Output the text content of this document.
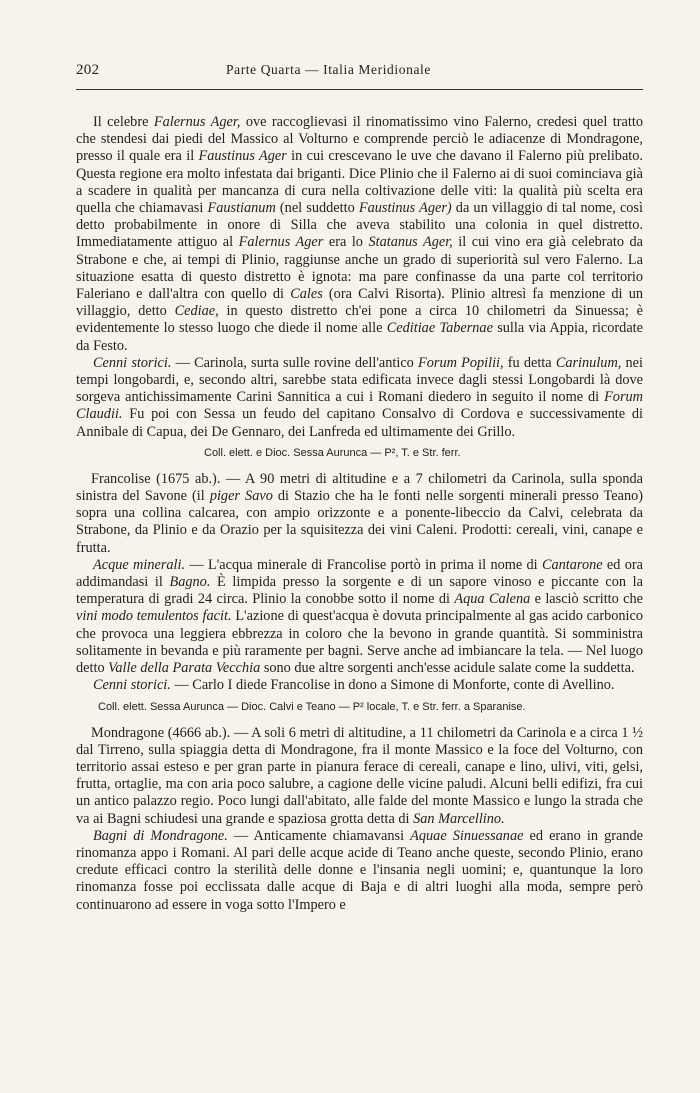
202	Parte Quarta — Italia Meridionale

Il celebre Falernus Ager, ove raccoglievasi il rinomatissimo vino Falerno, credesi quel tratto che stendesi dai piedi del Massico al Volturno e comprende perciò le adiacenze di Mondragone, presso il quale era il Faustinus Ager in cui crescevano le uve che davano il Falerno più prelibato. Questa regione era molto infestata dai briganti. Dice Plinio che il Falerno ai di suoi cominciava già a scadere in qualità per mancanza di cura nella coltivazione delle viti: la qualità più scelta era quella che chiamavasi Faustianum (nel suddetto Faustinus Ager) da un villaggio di tal nome, così detto probabilmente in onore di Silla che aveva stabilito una colonia in quel distretto. Immediatamente attiguo al Falernus Ager era lo Statanus Ager, il cui vino era già celebrato da Strabone e che, ai tempi di Plinio, raggiunse anche un grado di superiorità sul vero Falerno. La situazione esatta di questo distretto è ignota: ma pare confinasse da una parte col territorio Faleriano e dall'altra con quello di Cales (ora Calvi Risorta). Plinio altresì fa menzione di un villaggio, detto Cediae, in questo distretto ch'ei pone a circa 10 chilometri da Sinuessa; è evidentemente lo stesso luogo che diede il nome alle Ceditiae Tabernae sulla via Appia, ricordate da Festo.

Cenni storici. — Carinola, surta sulle rovine dell'antico Forum Popilii, fu detta Carinulum, nei tempi longobardi, e, secondo altri, sarebbe stata edificata invece dagli stessi Longobardi là dove sorgeva antichissimamente Carini Sannitica a cui i Romani diedero in seguito il nome di Forum Claudii. Fu poi con Sessa un feudo del capitano Consalvo di Cordova e successivamente di Annibale di Capua, dei De Gennaro, dei Lanfreda ed ultimamente dei Grillo.

Coll. elett. e Dioc. Sessa Aurunca — P², T. e Str. ferr.

Francolise (1675 ab.). — A 90 metri di altitudine e a 7 chilometri da Carinola, sulla sponda sinistra del Savone (il piger Savo di Stazio che ha le fonti nelle sorgenti minerali presso Teano) sopra una collina calcarea, con ampio orizzonte e a ponente-libeccio da Calvi, celebrata da Strabone, da Plinio e da Orazio per la squisitezza dei vini Caleni. Prodotti: cereali, vini, canape e frutta.

Acque minerali. — L'acqua minerale di Francolise portò in prima il nome di Cantarone ed ora addimandasi il Bagno. È limpida presso la sorgente e di un sapore vinoso e piccante con la temperatura di gradi 24 circa. Plinio la conobbe sotto il nome di Aqua Calena e lasciò scritto che vini modo temulentos facit. L'azione di quest'acqua è dovuta principalmente al gas acido carbonico che provoca una leggiera ebbrezza in coloro che la bevono in grande quantità. Si somministra solitamente in bevanda e più raramente per bagni. Serve anche ad imbiancare la tela. — Nel luogo detto Valle della Parata Vecchia sono due altre sorgenti anch'esse acidule salate come la suddetta.

Cenni storici. — Carlo I diede Francolise in dono a Simone di Monforte, conte di Avellino.

Coll. elett. Sessa Aurunca — Dioc. Calvi e Teano — P² locale, T. e Str. ferr. a Sparanise.

Mondragone (4666 ab.). — A soli 6 metri di altitudine, a 11 chilometri da Carinola e a circa 1 ½ dal Tirreno, sulla spiaggia detta di Mondragone, fra il monte Massico e la foce del Volturno, con territorio assai esteso e per gran parte in pianura ferace di cereali, canape e lino, ulivi, viti, gelsi, frutta, ortaglie, ma con aria poco salubre, a cagione delle vicine paludi. Alcuni belli edifizi, fra cui un antico palazzo regio. Poco lungi dall'abitato, alle falde del monte Massico e lungo la strada che va ai Bagni schiudesi una grande e spaziosa grotta detta di San Marcellino.

Bagni di Mondragone. — Anticamente chiamavansi Aquae Sinuessanae ed erano in grande rinomanza appo i Romani. Al pari delle acque acide di Teano anche queste, secondo Plinio, erano credute efficaci contro la sterilità delle donne e l'insania negli uomini; e, quantunque la loro rinomanza fosse poi ecclissata dalle acque di Baja e di altri luoghi alla moda, sempre però continuarono ad essere in voga sotto l'Impero e
